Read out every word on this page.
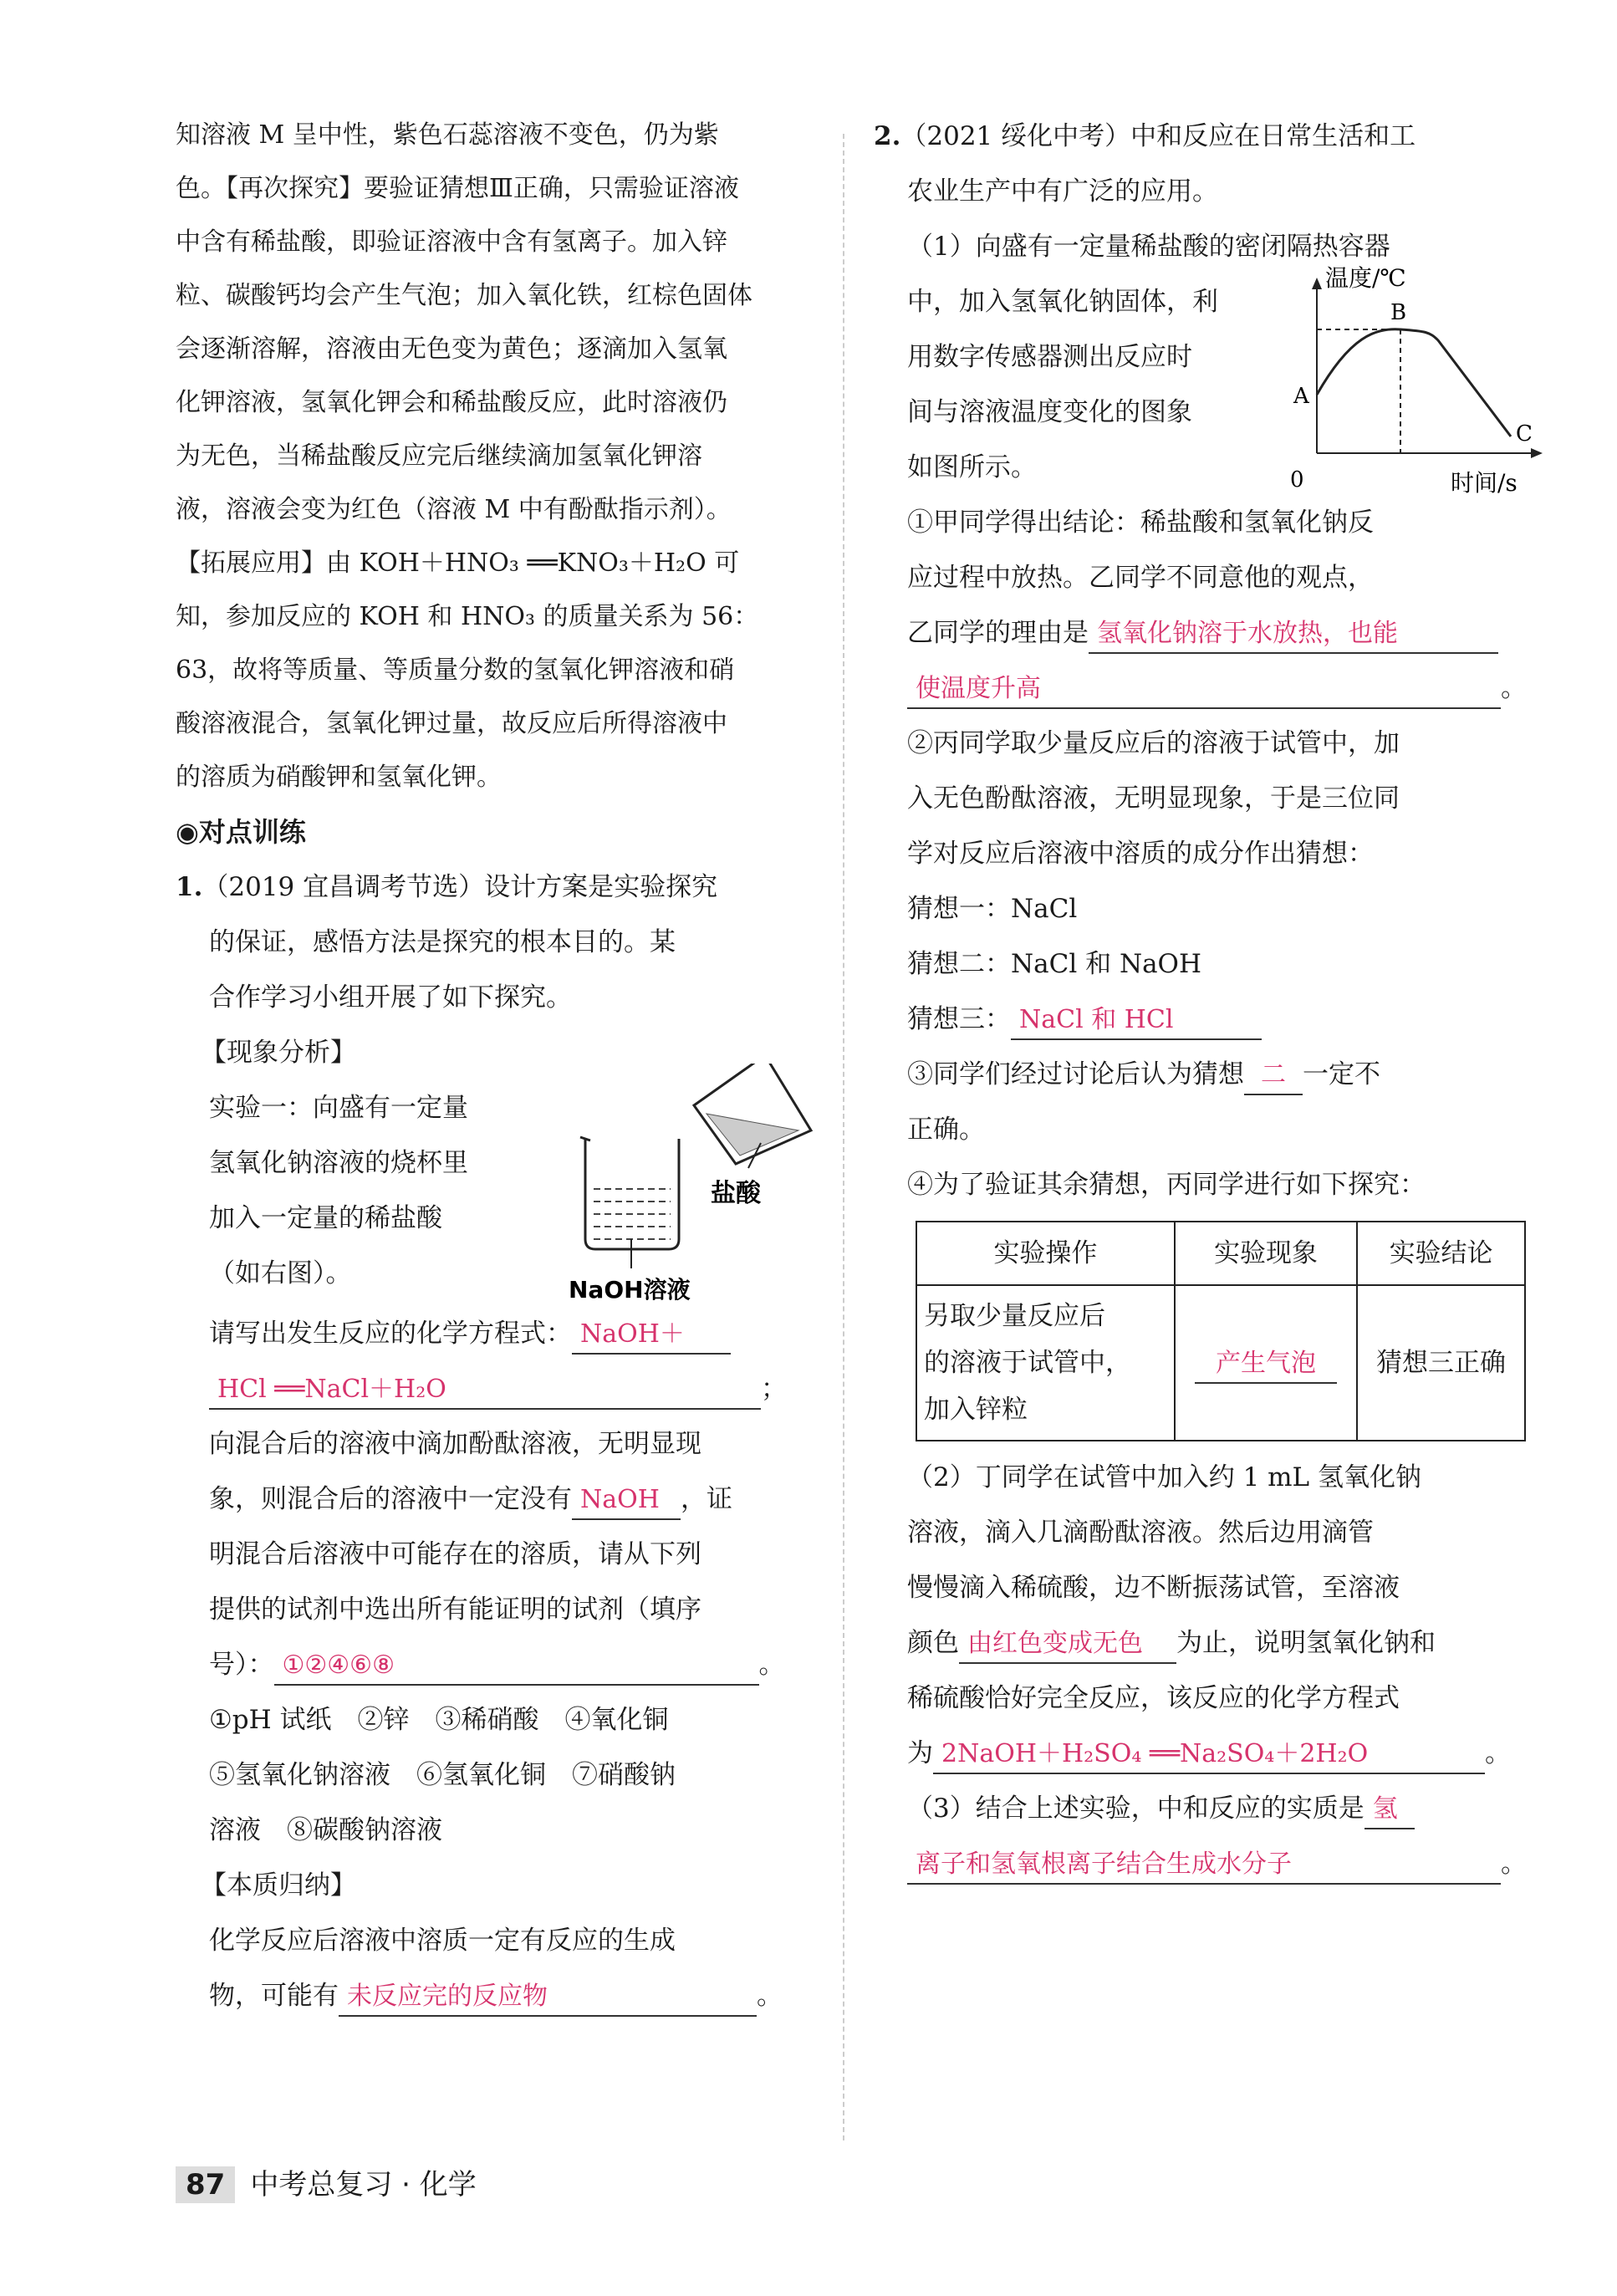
知溶液 M 呈中性，紫色石蕊溶液不变色，仍为紫
色。【再次探究】要验证猜想Ⅲ正确，只需验证溶液
中含有稀盐酸，即验证溶液中含有氢离子。加入锌
粒、碳酸钙均会产生气泡；加入氧化铁，红棕色固体
会逐渐溶解，溶液由无色变为黄色；逐滴加入氢氧
化钾溶液，氢氧化钾会和稀盐酸反应，此时溶液仍
为无色，当稀盐酸反应完后继续滴加氢氧化钾溶
液，溶液会变为红色（溶液 M 中有酚酞指示剂）。
【拓展应用】由 KOH＋HNO₃ ══KNO₃＋H₂O 可
知，参加反应的 KOH 和 HNO₃ 的质量关系为 56：
63，故将等质量、等质量分数的氢氧化钾溶液和硝
酸溶液混合，氢氧化钾过量，故反应后所得溶液中
的溶质为硝酸钾和氢氧化钾。

◉对点训练

1.（2019 宜昌调考节选）设计方案是实验探究

的保证，感悟方法是探究的根本目的。某

合作学习小组开展了如下探究。

【现象分析】

实验一：向盛有一定量

氢氧化钠溶液的烧杯里

加入一定量的稀盐酸

（如右图）。

盐酸
NaOH溶液

请写出发生反应的化学方程式： NaOH＋

HCl ══NaCl＋H₂O	；

向混合后的溶液中滴加酚酞溶液，无明显现

象，则混合后的溶液中一定没有 NaOH ，证

明混合后溶液中可能存在的溶质，请从下列

提供的试剂中选出所有能证明的试剂（填序

号）： ①②④⑥⑧	。

①pH 试纸　②锌　③稀硝酸　④氧化铜

⑤氢氧化钠溶液　⑥氢氧化铜　⑦硝酸钠

溶液　⑧碳酸钠溶液

【本质归纳】

化学反应后溶液中溶质一定有反应的生成

物，可能有 未反应完的反应物	。

2.（2021 绥化中考）中和反应在日常生活和工

农业生产中有广泛的应用。

（1）向盛有一定量稀盐酸的密闭隔热容器

中，加入氢氧化钠固体，利

用数字传感器测出反应时

间与溶液温度变化的图象

如图所示。

温度/℃
时间/s
0
A
B
C

①甲同学得出结论：稀盐酸和氢氧化钠反

应过程中放热。乙同学不同意他的观点，

乙同学的理由是 氢氧化钠溶于水放热，也能

使温度升高	。

②丙同学取少量反应后的溶液于试管中，加

入无色酚酞溶液，无明显现象，于是三位同

学对反应后溶液中溶质的成分作出猜想：

猜想一：NaCl

猜想二：NaCl 和 NaOH

猜想三： NaCl 和 HCl

③同学们经过讨论后认为猜想 二 一定不

正确。

④为了验证其余猜想，丙同学进行如下探究：

实验操作	实验现象	实验结论

另取少量反应后
的溶液于试管中，
加入锌粒	产生气泡	猜想三正确

（2）丁同学在试管中加入约 1 mL 氢氧化钠

溶液，滴入几滴酚酞溶液。然后边用滴管

慢慢滴入稀硫酸，边不断振荡试管，至溶液

颜色 由红色变成无色 为止，说明氢氧化钠和

稀硫酸恰好完全反应，该反应的化学方程式

为 2NaOH＋H₂SO₄ ══Na₂SO₄＋2H₂O	。

（3）结合上述实验，中和反应的实质是 氢

离子和氢氧根离子结合生成水分子	。

87 中考总复习 · 化学
